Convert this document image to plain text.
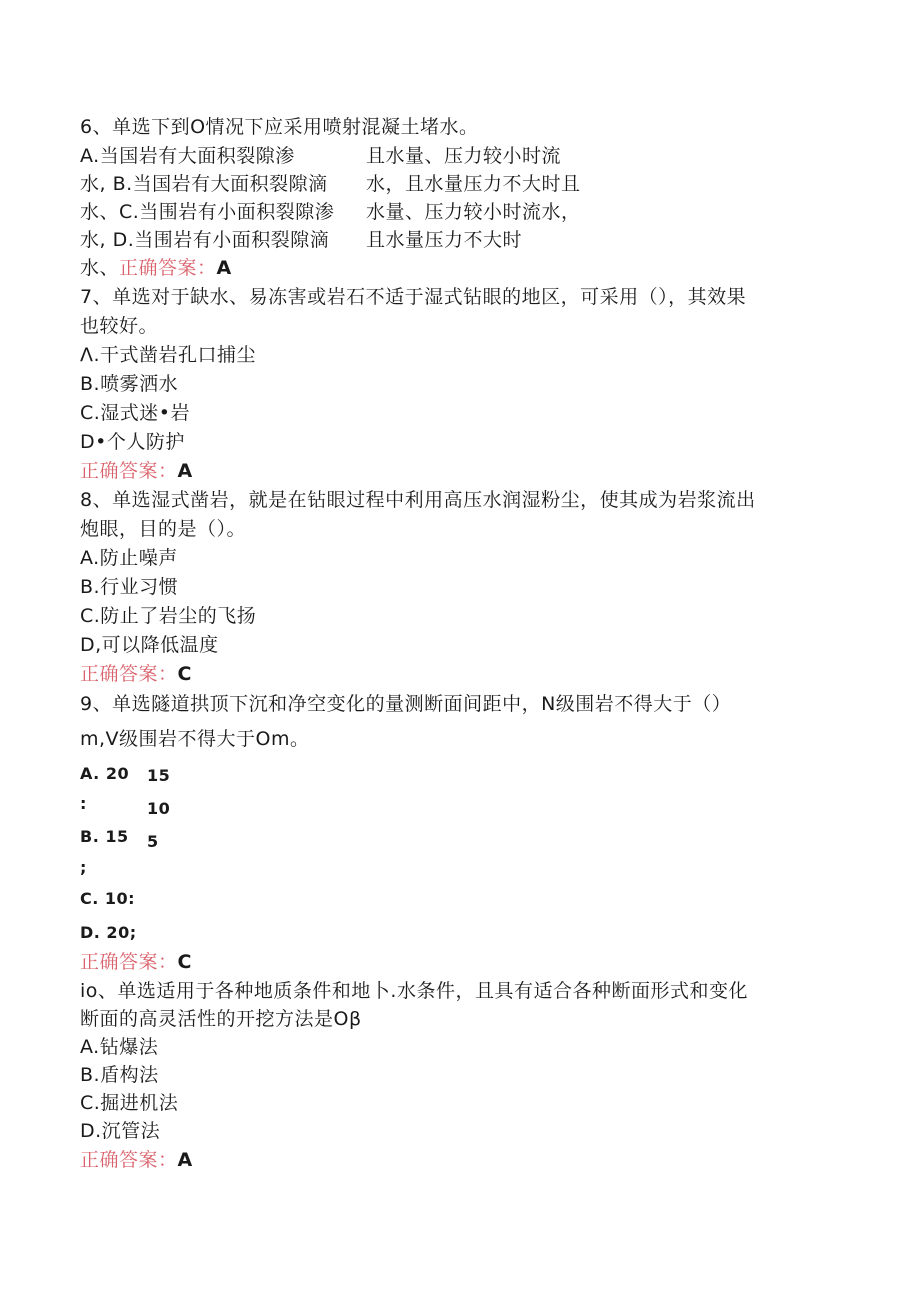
6、单选下到O情况下应采用喷射混凝土堵水。
A.当国岩有大面积裂隙渗	且水量、压力较小时流
水, B.当国岩有大面积裂隙滴 水，且水量压力不大时且
水、C.当围岩有小面积裂隙渗 水量、压力较小时流水，
水, D.当围岩有小面积裂隙滴 且水量压力不大时
水、正确答案：A
7、单选对于缺水、易冻害或岩石不适于湿式钻眼的地区，可采用（），其效果
也较好。
Λ.干式凿岩孔口捕尘
B.喷雾洒水
C.湿式迷•岩
D•个人防护
正确答案：A
8、单选湿式凿岩，就是在钻眼过程中利用高压水润湿粉尘，使其成为岩浆流出
炮眼，目的是（）。
A.防止噪声
B.行业习惯
C.防止了岩尘的飞扬
D,可以降低温度
正确答案：C
9、单选隧道拱顶下沉和净空变化的量测断面间距中，N级围岩不得大于（）
m,V级围岩不得大于Om。
A. 20
:
B. 15
;
C. 10:
D. 20;
15
10
5
正确答案：C
io、单选适用于各种地质条件和地卜.水条件，且具有适合各种断面形式和变化
断面的高灵活性的开挖方法是Oβ
A.钻爆法
B.盾构法
C.掘进机法
D.沉管法
正确答案：A
